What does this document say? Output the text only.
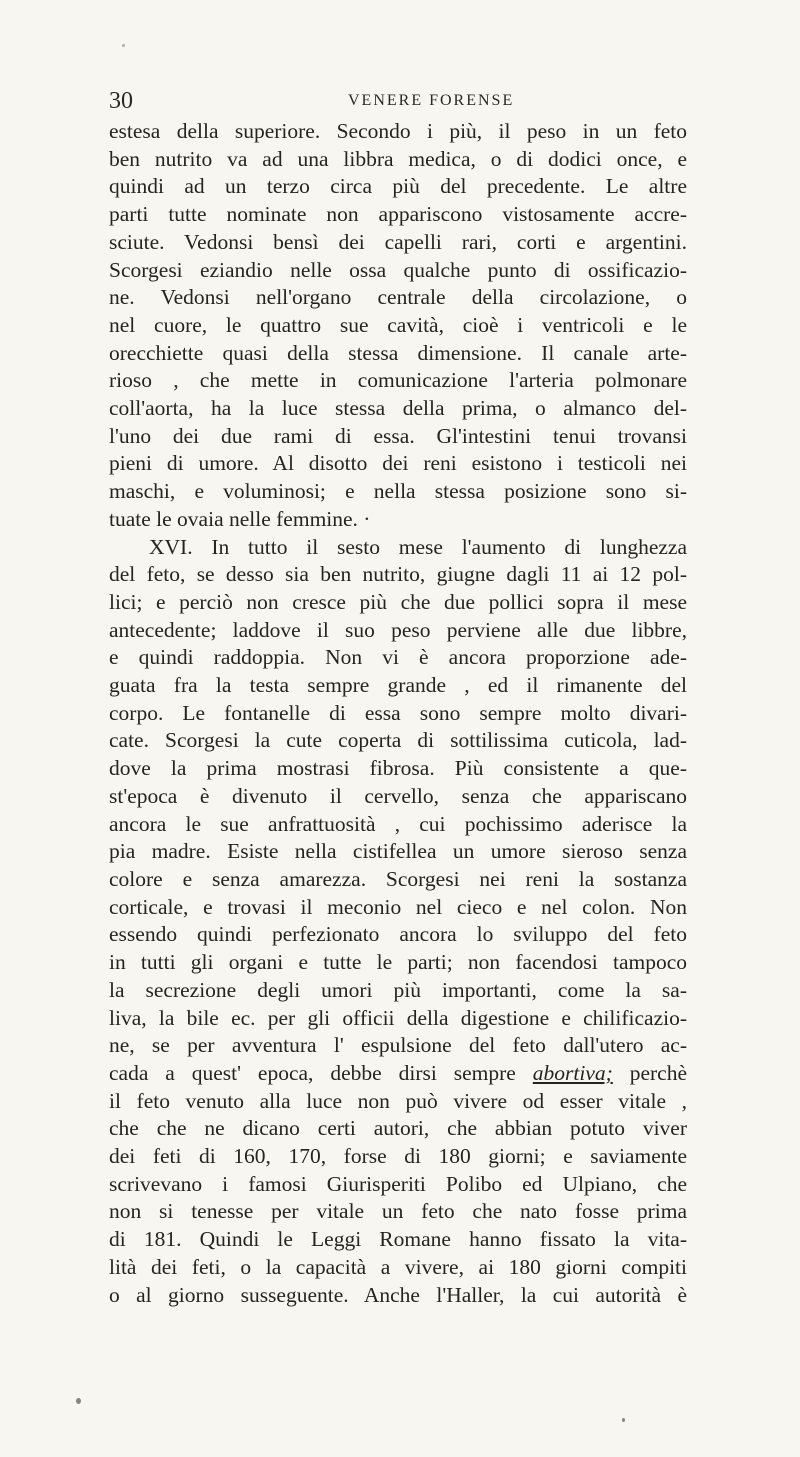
30	VENERE FORENSE
estesa della superiore. Secondo i più, il peso in un feto
ben nutrito va ad una libbra medica, o di dodici once, e
quindi ad un terzo circa più del precedente. Le altre
parti tutte nominate non appariscono vistosamente accre-
sciute. Vedonsi bensì dei capelli rari, corti e argentini.
Scorgesi eziandio nelle ossa qualche punto di ossificazio-
ne. Vedonsi nell'organo centrale della circolazione, o
nel cuore, le quattro sue cavità, cioè i ventricoli e le
orecchiette quasi della stessa dimensione. Il canale arte-
rioso , che mette in comunicazione l'arteria polmonare
coll'aorta, ha la luce stessa della prima, o almanco del-
l'uno dei due rami di essa. Gl'intestini tenui trovansi
pieni di umore. Al disotto dei reni esistono i testicoli nei
maschi, e voluminosi; e nella stessa posizione sono si-
tuate le ovaia nelle femmine. ·
XVI. In tutto il sesto mese l'aumento di lunghezza
del feto, se desso sia ben nutrito, giugne dagli 11 ai 12 pol-
lici; e perciò non cresce più che due pollici sopra il mese
antecedente; laddove il suo peso perviene alle due libbre,
e quindi raddoppia. Non vi è ancora proporzione ade-
guata fra la testa sempre grande , ed il rimanente del
corpo. Le fontanelle di essa sono sempre molto divari-
cate. Scorgesi la cute coperta di sottilissima cuticola, lad-
dove la prima mostrasi fibrosa. Più consistente a que-
st'epoca è divenuto il cervello, senza che appariscano
ancora le sue anfrattuosità , cui pochissimo aderisce la
pia madre. Esiste nella cistifellea un umore sieroso senza
colore e senza amarezza. Scorgesi nei reni la sostanza
corticale, e trovasi il meconio nel cieco e nel colon. Non
essendo quindi perfezionato ancora lo sviluppo del feto
in tutti gli organi e tutte le parti; non facendosi tampoco
la secrezione degli umori più importanti, come la sa-
liva, la bile ec. per gli officii della digestione e chilificazio-
ne, se per avventura l' espulsione del feto dall'utero ac-
cada a quest' epoca, debbe dirsi sempre abortiva; perchè
il feto venuto alla luce non può vivere od esser vitale ,
che che ne dicano certi autori, che abbian potuto viver
dei feti di 160, 170, forse di 180 giorni; e saviamente
scrivevano i famosi Giurisperiti Polibo ed Ulpiano, che
non si tenesse per vitale un feto che nato fosse prima
di 181. Quindi le Leggi Romane hanno fissato la vita-
lità dei feti, o la capacità a vivere, ai 180 giorni compiti
o al giorno susseguente. Anche l'Haller, la cui autorità è
